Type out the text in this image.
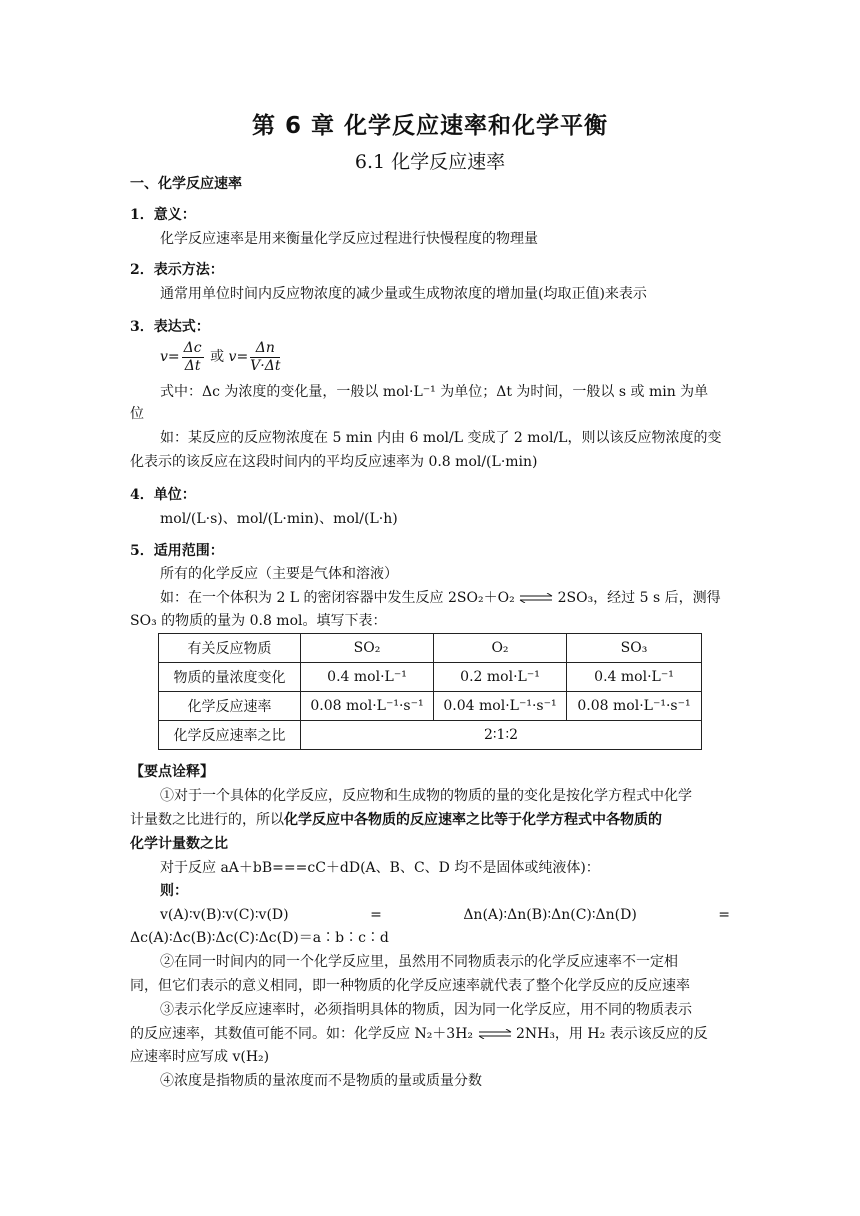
第 6 章 化学反应速率和化学平衡
6.1 化学反应速率
一、化学反应速率
1．意义：
化学反应速率是用来衡量化学反应过程进行快慢程度的物理量
2．表示方法：
通常用单位时间内反应物浓度的减少量或生成物浓度的增加量(均取正值)来表示
3．表达式：
$v= \frac{\Delta c}{\Delta t}$ 或 $v= \frac{\Delta n}{V\cdot\Delta t}$
式中：Δc 为浓度的变化量，一般以 mol·L⁻¹ 为单位；Δt 为时间，一般以 s 或 min 为单
位
如：某反应的反应物浓度在 5 min 内由 6 mol/L 变成了 2 mol/L，则以该反应物浓度的变
化表示的该反应在这段时间内的平均反应速率为 0.8 mol/(L·min)
4．单位：
mol/(L·s)、mol/(L·min)、mol/(L·h)
5．适用范围：
所有的化学反应（主要是气体和溶液）
如：在一个体积为 2 L 的密闭容器中发生反应 2SO₂＋O₂ ⇌ 2SO₃，经过 5 s 后，测得
SO₃ 的物质的量为 0.8 mol。填写下表：
有关反应物质	SO₂	O₂	SO₃
物质的量浓度变化	0.4 mol·L⁻¹	0.2 mol·L⁻¹	0.4 mol·L⁻¹
化学反应速率	0.08 mol·L⁻¹·s⁻¹	0.04 mol·L⁻¹·s⁻¹	0.08 mol·L⁻¹·s⁻¹
化学反应速率之比	2∶1∶2		
【要点诠释】
①对于一个具体的化学反应，反应物和生成物的物质的量的变化是按化学方程式中化学
计量数之比进行的，所以化学反应中各物质的反应速率之比等于化学方程式中各物质的
化学计量数之比
对于反应 aA＋bB===cC＋dD(A、B、C、D 均不是固体或纯液体)：
则：
v(A)∶v(B)∶v(C)∶v(D)	=	Δn(A)∶Δn(B)∶Δn(C)∶Δn(D)	=
Δc(A)∶Δc(B)∶Δc(C)∶Δc(D)＝a∶b∶c∶d
②在同一时间内的同一个化学反应里，虽然用不同物质表示的化学反应速率不一定相
同，但它们表示的意义相同，即一种物质的化学反应速率就代表了整个化学反应的反应速率
③表示化学反应速率时，必须指明具体的物质，因为同一化学反应，用不同的物质表示
的反应速率，其数值可能不同。如：化学反应 N₂＋3H₂ ⇌ 2NH₃，用 H₂ 表示该反应的反
应速率时应写成 v(H₂)
④浓度是指物质的量浓度而不是物质的量或质量分数
